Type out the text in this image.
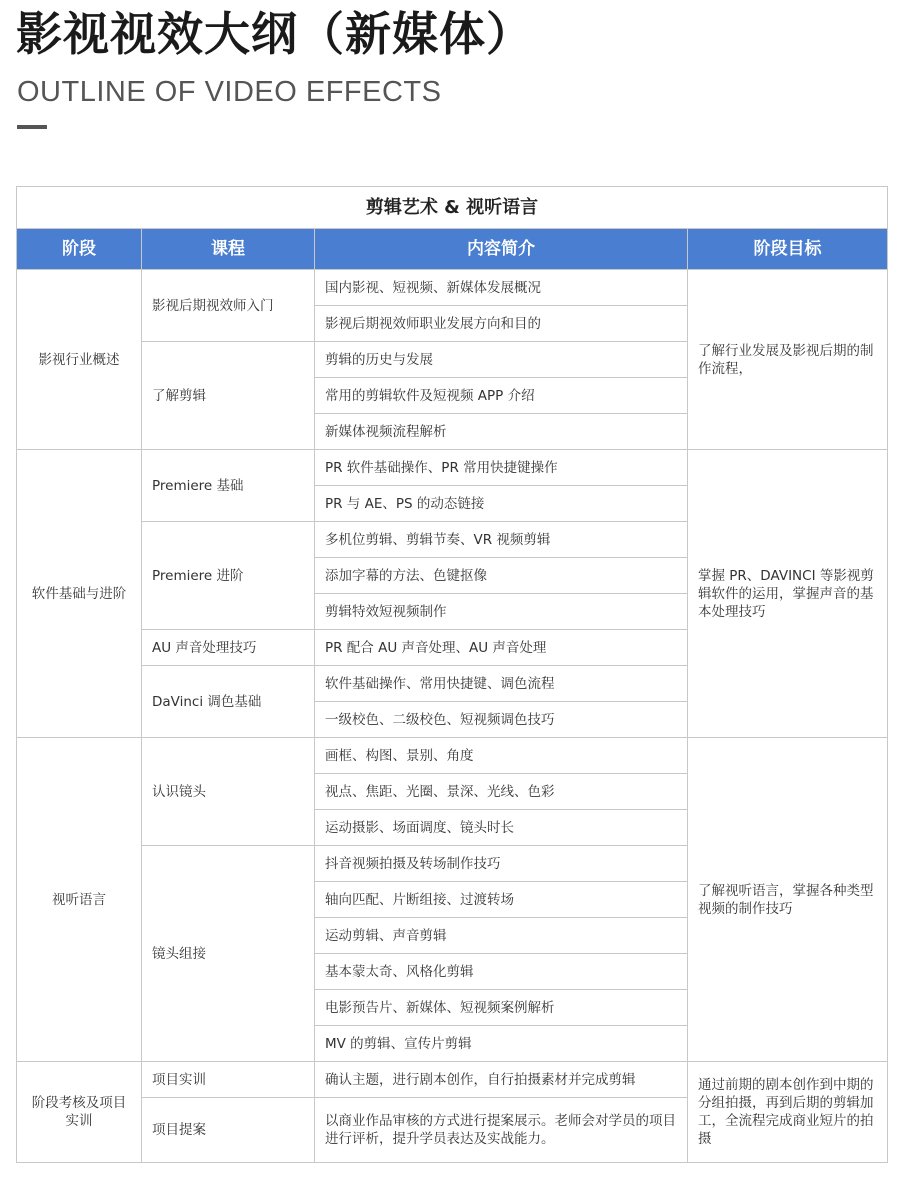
影视视效大纲（新媒体）
OUTLINE OF VIDEO EFFECTS
剪辑艺术 & 视听语言			
阶段	课程	内容简介	阶段目标
影视行业概述	影视后期视效师入门	国内影视、短视频、新媒体发展概况	了解行业发展及影视后期的制作流程，
		影视后期视效师职业发展方向和目的	
	了解剪辑	剪辑的历史与发展	
		常用的剪辑软件及短视频 APP 介绍	
		新媒体视频流程解析	
软件基础与进阶	Premiere 基础	PR 软件基础操作、PR 常用快捷键操作	掌握 PR、DAVINCI 等影视剪辑软件的运用，掌握声音的基本处理技巧
		PR 与 AE、PS 的动态链接	
	Premiere 进阶	多机位剪辑、剪辑节奏、VR 视频剪辑	
		添加字幕的方法、色键抠像	
		剪辑特效短视频制作	
	AU 声音处理技巧	PR 配合 AU 声音处理、AU 声音处理	
	DaVinci 调色基础	软件基础操作、常用快捷键、调色流程	
		一级校色、二级校色、短视频调色技巧	
视听语言	认识镜头	画框、构图、景别、角度	了解视听语言，掌握各种类型视频的制作技巧
		视点、焦距、光圈、景深、光线、色彩	
		运动摄影、场面调度、镜头时长	
	镜头组接	抖音视频拍摄及转场制作技巧	
		轴向匹配、片断组接、过渡转场	
		运动剪辑、声音剪辑	
		基本蒙太奇、风格化剪辑	
		电影预告片、新媒体、短视频案例解析	
		MV 的剪辑、宣传片剪辑	
阶段考核及项目实训	项目实训	确认主题，进行剧本创作，自行拍摄素材并完成剪辑	通过前期的剧本创作到中期的分组拍摄，再到后期的剪辑加工，全流程完成商业短片的拍摄
	项目提案	以商业作品审核的方式进行提案展示。老师会对学员的项目进行评析，提升学员表达及实战能力。	
